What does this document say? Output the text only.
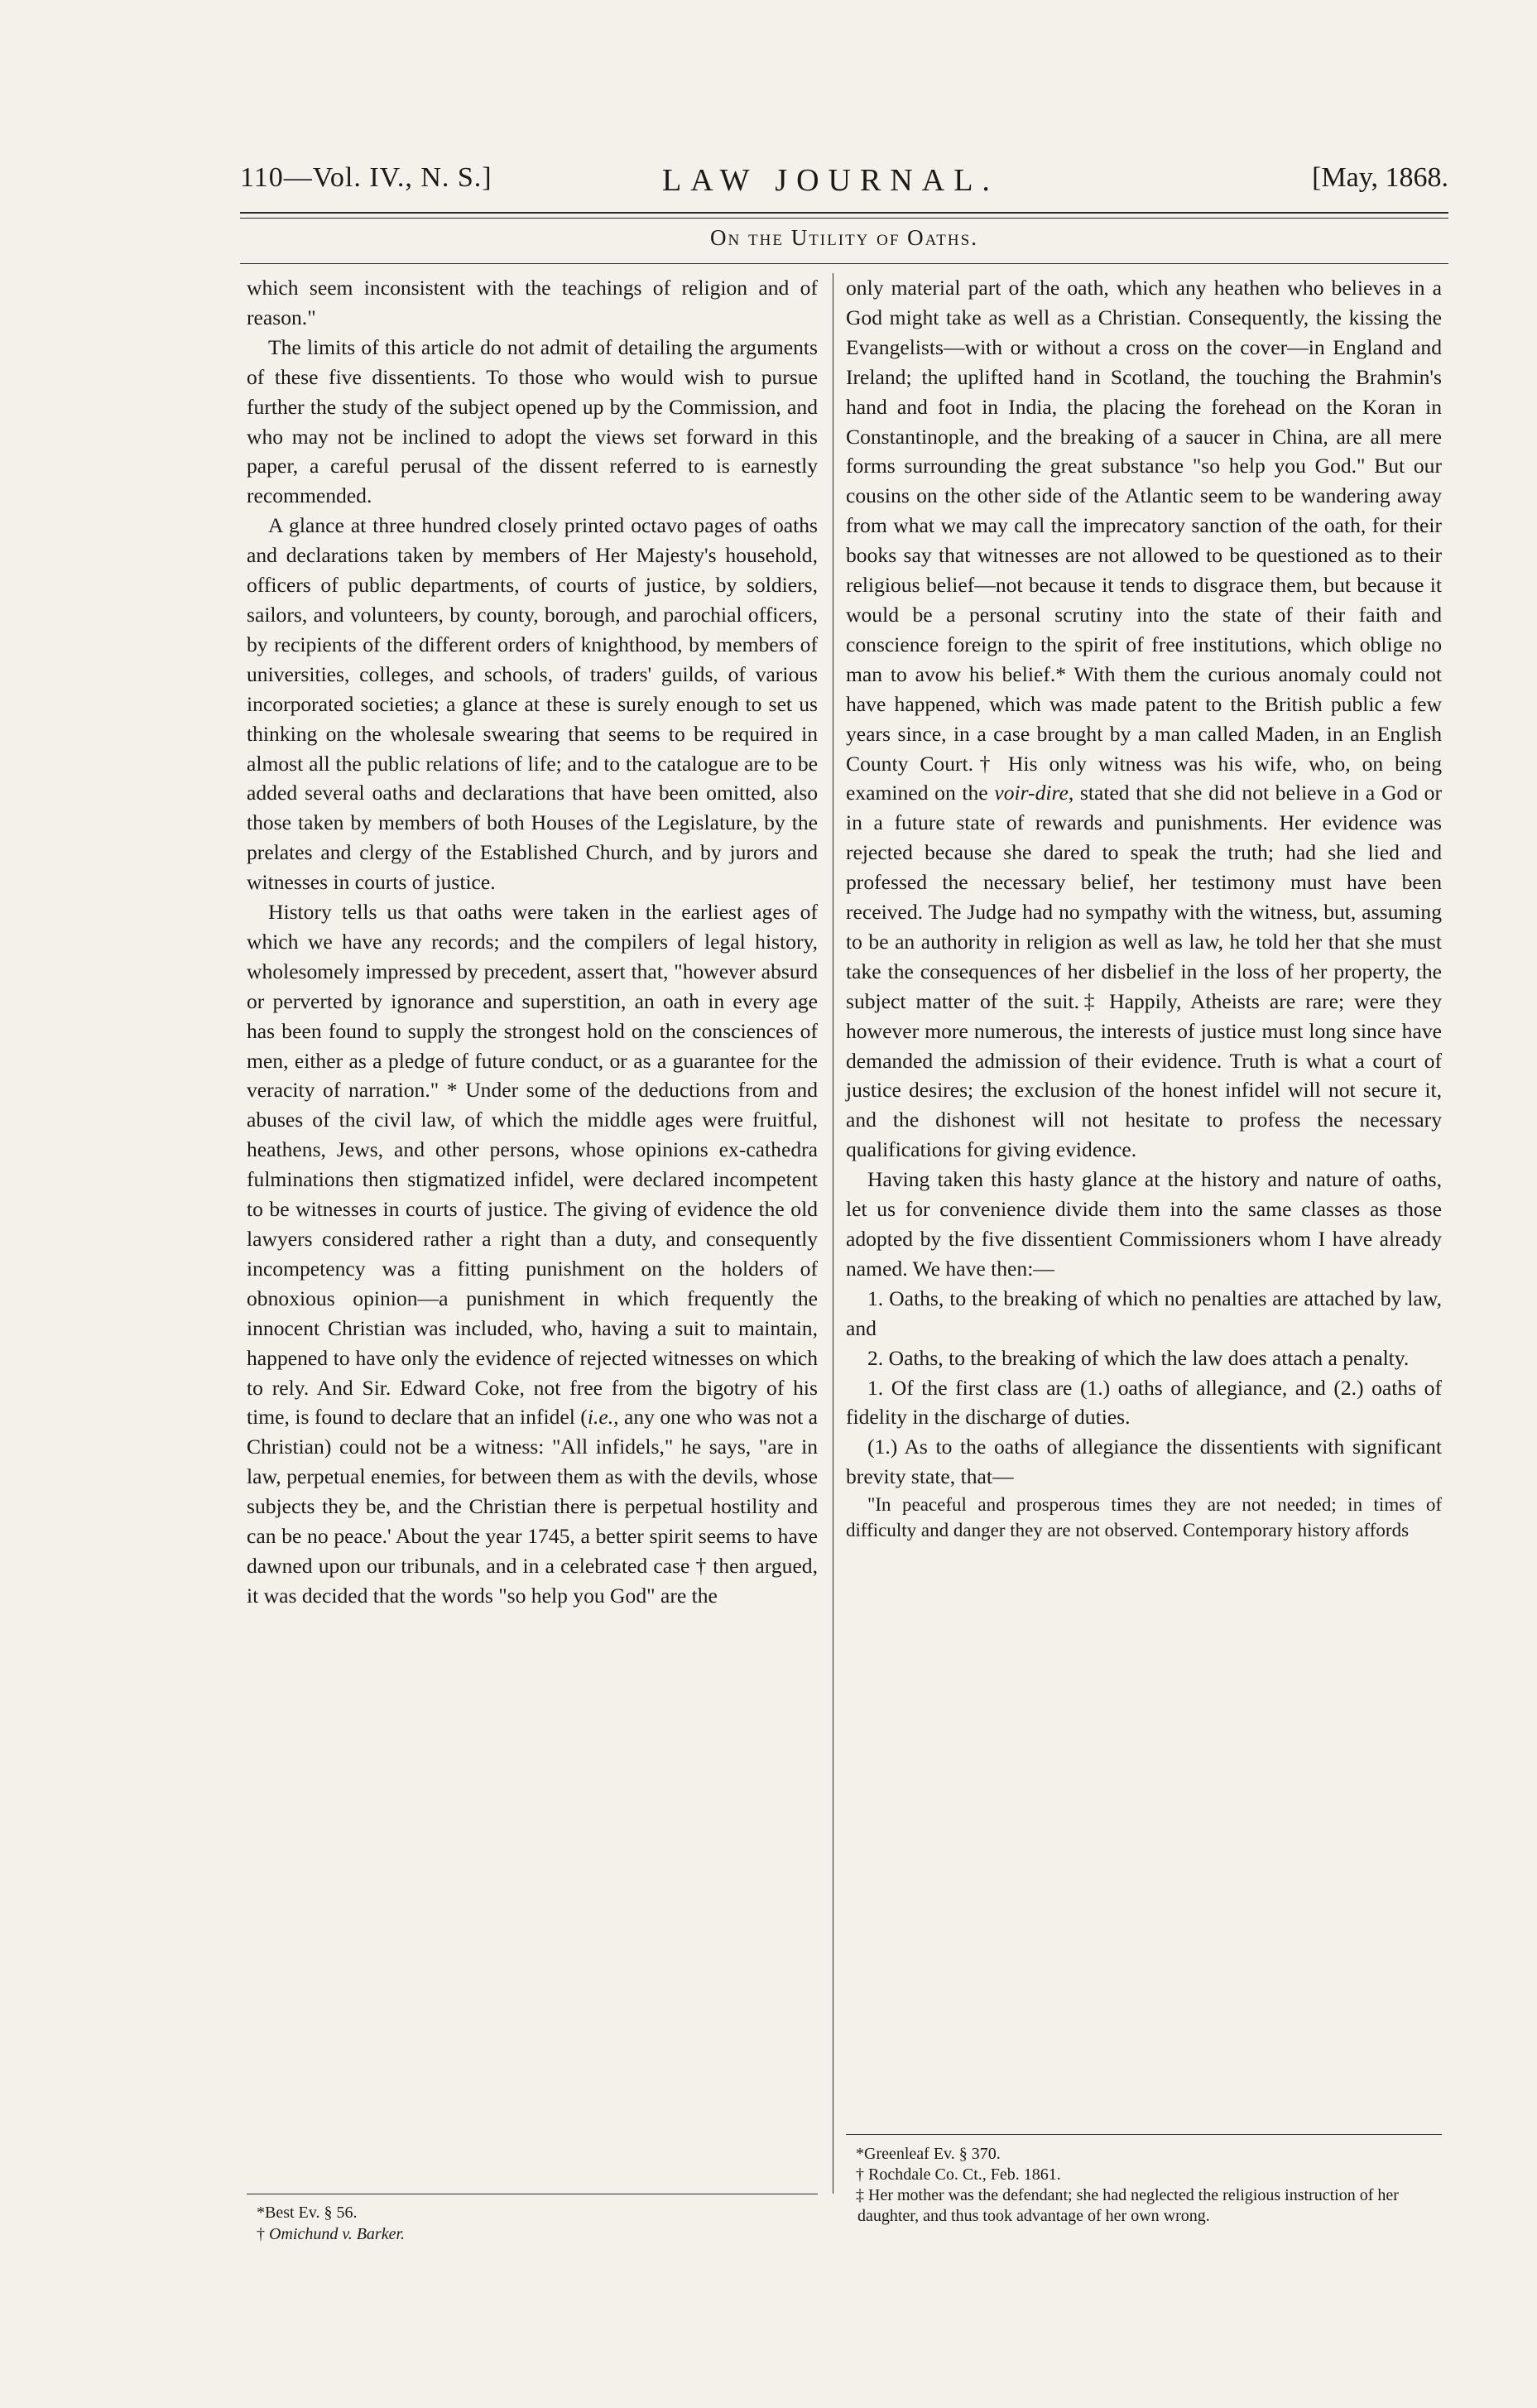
110—Vol. IV., N. S.]	LAW JOURNAL.	[May, 1868.
On the Utility of Oaths.

which seem inconsistent with the teachings of religion and of reason."

The limits of this article do not admit of detailing the arguments of these five dissentients. To those who would wish to pursue further the study of the subject opened up by the Commission, and who may not be inclined to adopt the views set forward in this paper, a careful perusal of the dissent referred to is earnestly recommended.

A glance at three hundred closely printed octavo pages of oaths and declarations taken by members of Her Majesty's household, officers of public departments, of courts of justice, by soldiers, sailors, and volunteers, by county, borough, and parochial officers, by recipients of the different orders of knighthood, by members of universities, colleges, and schools, of traders' guilds, of various incorporated societies; a glance at these is surely enough to set us thinking on the wholesale swearing that seems to be required in almost all the public relations of life; and to the catalogue are to be added several oaths and declarations that have been omitted, also those taken by members of both Houses of the Legislature, by the prelates and clergy of the Established Church, and by jurors and witnesses in courts of justice.

History tells us that oaths were taken in the earliest ages of which we have any records; and the compilers of legal history, wholesomely impressed by precedent, assert that, "however absurd or perverted by ignorance and superstition, an oath in every age has been found to supply the strongest hold on the consciences of men, either as a pledge of future conduct, or as a guarantee for the veracity of narration." * Under some of the deductions from and abuses of the civil law, of which the middle ages were fruitful, heathens, Jews, and other persons, whose opinions ex-cathedra fulminations then stigmatized infidel, were declared incompetent to be witnesses in courts of justice. The giving of evidence the old lawyers considered rather a right than a duty, and consequently incompetency was a fitting punishment on the holders of obnoxious opinion—a punishment in which frequently the innocent Christian was included, who, having a suit to maintain, happened to have only the evidence of rejected witnesses on which to rely. And Sir. Edward Coke, not free from the bigotry of his time, is found to declare that an infidel (i.e., any one who was not a Christian) could not be a witness: "All infidels," he says, "are in law, perpetual enemies, for between them as with the devils, whose subjects they be, and the Christian there is perpetual hostility and can be no peace.' About the year 1745, a better spirit seems to have dawned upon our tribunals, and in a celebrated case † then argued, it was decided that the words "so help you God" are the

only material part of the oath, which any heathen who believes in a God might take as well as a Christian. Consequently, the kissing the Evangelists—with or without a cross on the cover—in England and Ireland; the uplifted hand in Scotland, the touching the Brahmin's hand and foot in India, the placing the forehead on the Koran in Constantinople, and the breaking of a saucer in China, are all mere forms surrounding the great substance "so help you God." But our cousins on the other side of the Atlantic seem to be wandering away from what we may call the imprecatory sanction of the oath, for their books say that witnesses are not allowed to be questioned as to their religious belief—not because it tends to disgrace them, but because it would be a personal scrutiny into the state of their faith and conscience foreign to the spirit of free institutions, which oblige no man to avow his belief.* With them the curious anomaly could not have happened, which was made patent to the British public a few years since, in a case brought by a man called Maden, in an English County Court.† His only witness was his wife, who, on being examined on the voir-dire, stated that she did not believe in a God or in a future state of rewards and punishments. Her evidence was rejected because she dared to speak the truth; had she lied and professed the necessary belief, her testimony must have been received. The Judge had no sympathy with the witness, but, assuming to be an authority in religion as well as law, he told her that she must take the consequences of her disbelief in the loss of her property, the subject matter of the suit.‡ Happily, Atheists are rare; were they however more numerous, the interests of justice must long since have demanded the admission of their evidence. Truth is what a court of justice desires; the exclusion of the honest infidel will not secure it, and the dishonest will not hesitate to profess the necessary qualifications for giving evidence.

Having taken this hasty glance at the history and nature of oaths, let us for convenience divide them into the same classes as those adopted by the five dissentient Commissioners whom I have already named. We have then:—

1. Oaths, to the breaking of which no penalties are attached by law, and

2. Oaths, to the breaking of which the law does attach a penalty.

1. Of the first class are (1.) oaths of allegiance, and (2.) oaths of fidelity in the discharge of duties.

(1.) As to the oaths of allegiance the dissentients with significant brevity state, that—

"In peaceful and prosperous times they are not needed; in times of difficulty and danger they are not observed. Contemporary history affords

*Best Ev. § 56.
† Omichund v. Barker.
*Greenleaf Ev. § 370.
† Rochdale Co. Ct., Feb. 1861.
‡ Her mother was the defendant; she had neglected the religious instruction of her daughter, and thus took advantage of her own wrong.
